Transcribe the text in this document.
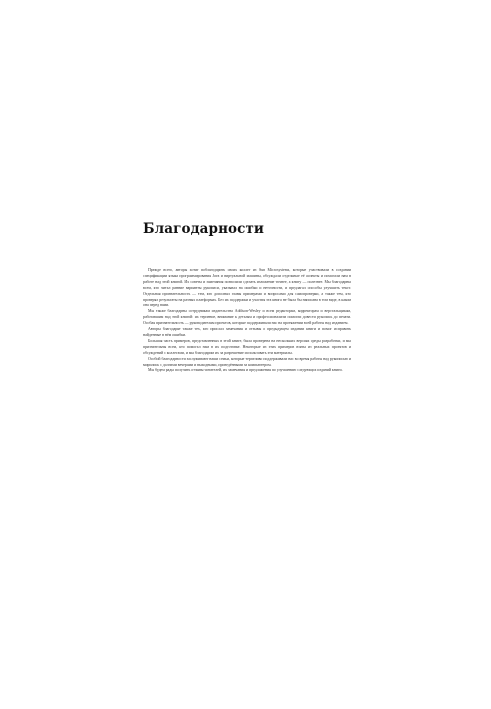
Благодарности

Прежде всего, авторы хотят поблагодарить своих коллег из Sun Microsystems, которые участвовали в создании спецификации языка программирования Java и виртуальной машины, обсуждали отдельные её аспекты и помогали нам в работе над этой книгой. Их советы и замечания позволили сделать изложение точнее, а книгу — полезнее. Мы благодарны всем, кто читал ранние варианты рукописи, указывал на ошибки и неточности, и предлагал способы улучшить текст. Отдельная признательность — тем, кто дополнял главы примерами и вопросами для самопроверки, а также тем, кто проверял результаты на разных платформах. Без их поддержки и участия эта книга не была бы написана в том виде, в каком она перед вами.

Мы также благодарны сотрудникам издательства Addison-Wesley и всем редакторам, корректорам и верстальщикам, работавшим над этой книгой: их терпение, внимание к деталям и профессионализм помогли довести рукопись до печати. Особая признательность — руководителям проектов, которые поддерживали нас на протяжении всей работы над изданием.

Авторы благодарят также тех, кто прислал замечания и отзывы о предыдущем издании книги и помог исправить найденные в нём ошибки.

Большая часть примеров, представленных в этой книге, была проверена на нескольких версиях среды разработки, и мы признательны всем, кто помогал нам в их подготовке. Некоторые из этих примеров взяты из реальных проектов и обсуждений с коллегами, и мы благодарим их за разрешение использовать эти материалы.

Особой благодарности заслуживают наши семьи, которые терпеливо поддерживали нас во время работы над рукописью и мирились с долгими вечерами и выходными, проведёнными за компьютером.

Мы будем рады получить отзывы читателей, их замечания и предложения по улучшению следующих изданий книги.
